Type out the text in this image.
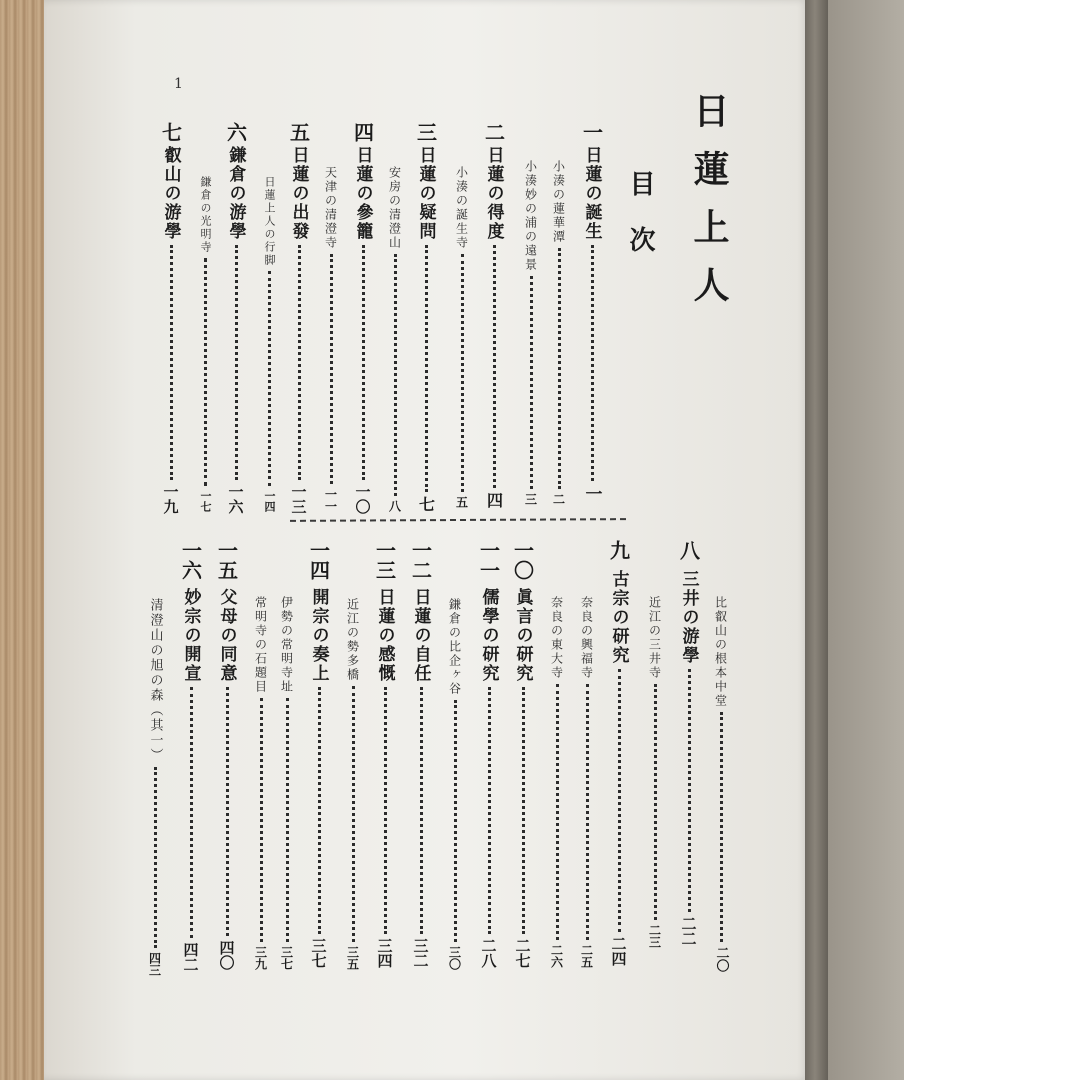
1
日蓮上人
目次
一
日蓮の誕生
一
小湊の蓮華潭
二
小湊妙の浦の遠景
三
二
日蓮の得度
四
小湊の誕生寺
五
三
日蓮の疑問
七
安房の清澄山
八
四
日蓮の參籠
一〇
天津の清澄寺
一一
五
日蓮の出發
一三
日蓮上人の行脚
一四
六
鎌倉の游學
一六
鎌倉の光明寺
一七
七
叡山の游學
一九
八
三井の游學
二二
比叡山の根本中堂
二〇
近江の三井寺
二三
九
古宗の研究
二四
奈良の興福寺
二五
奈良の東大寺
二六
一〇
眞言の研究
二七
一一
儒學の研究
二八
鎌倉の比企ヶ谷
三〇
一二
日蓮の自任
三二
一三
日蓮の感慨
三四
近江の勢多橋
三五
一四
開宗の奏上
三七
伊勢の常明寺址
三七
常明寺の石題目
三九
一五
父母の同意
四〇
一六
妙宗の開宣
四二
清澄山の旭の森（其一）
四三
